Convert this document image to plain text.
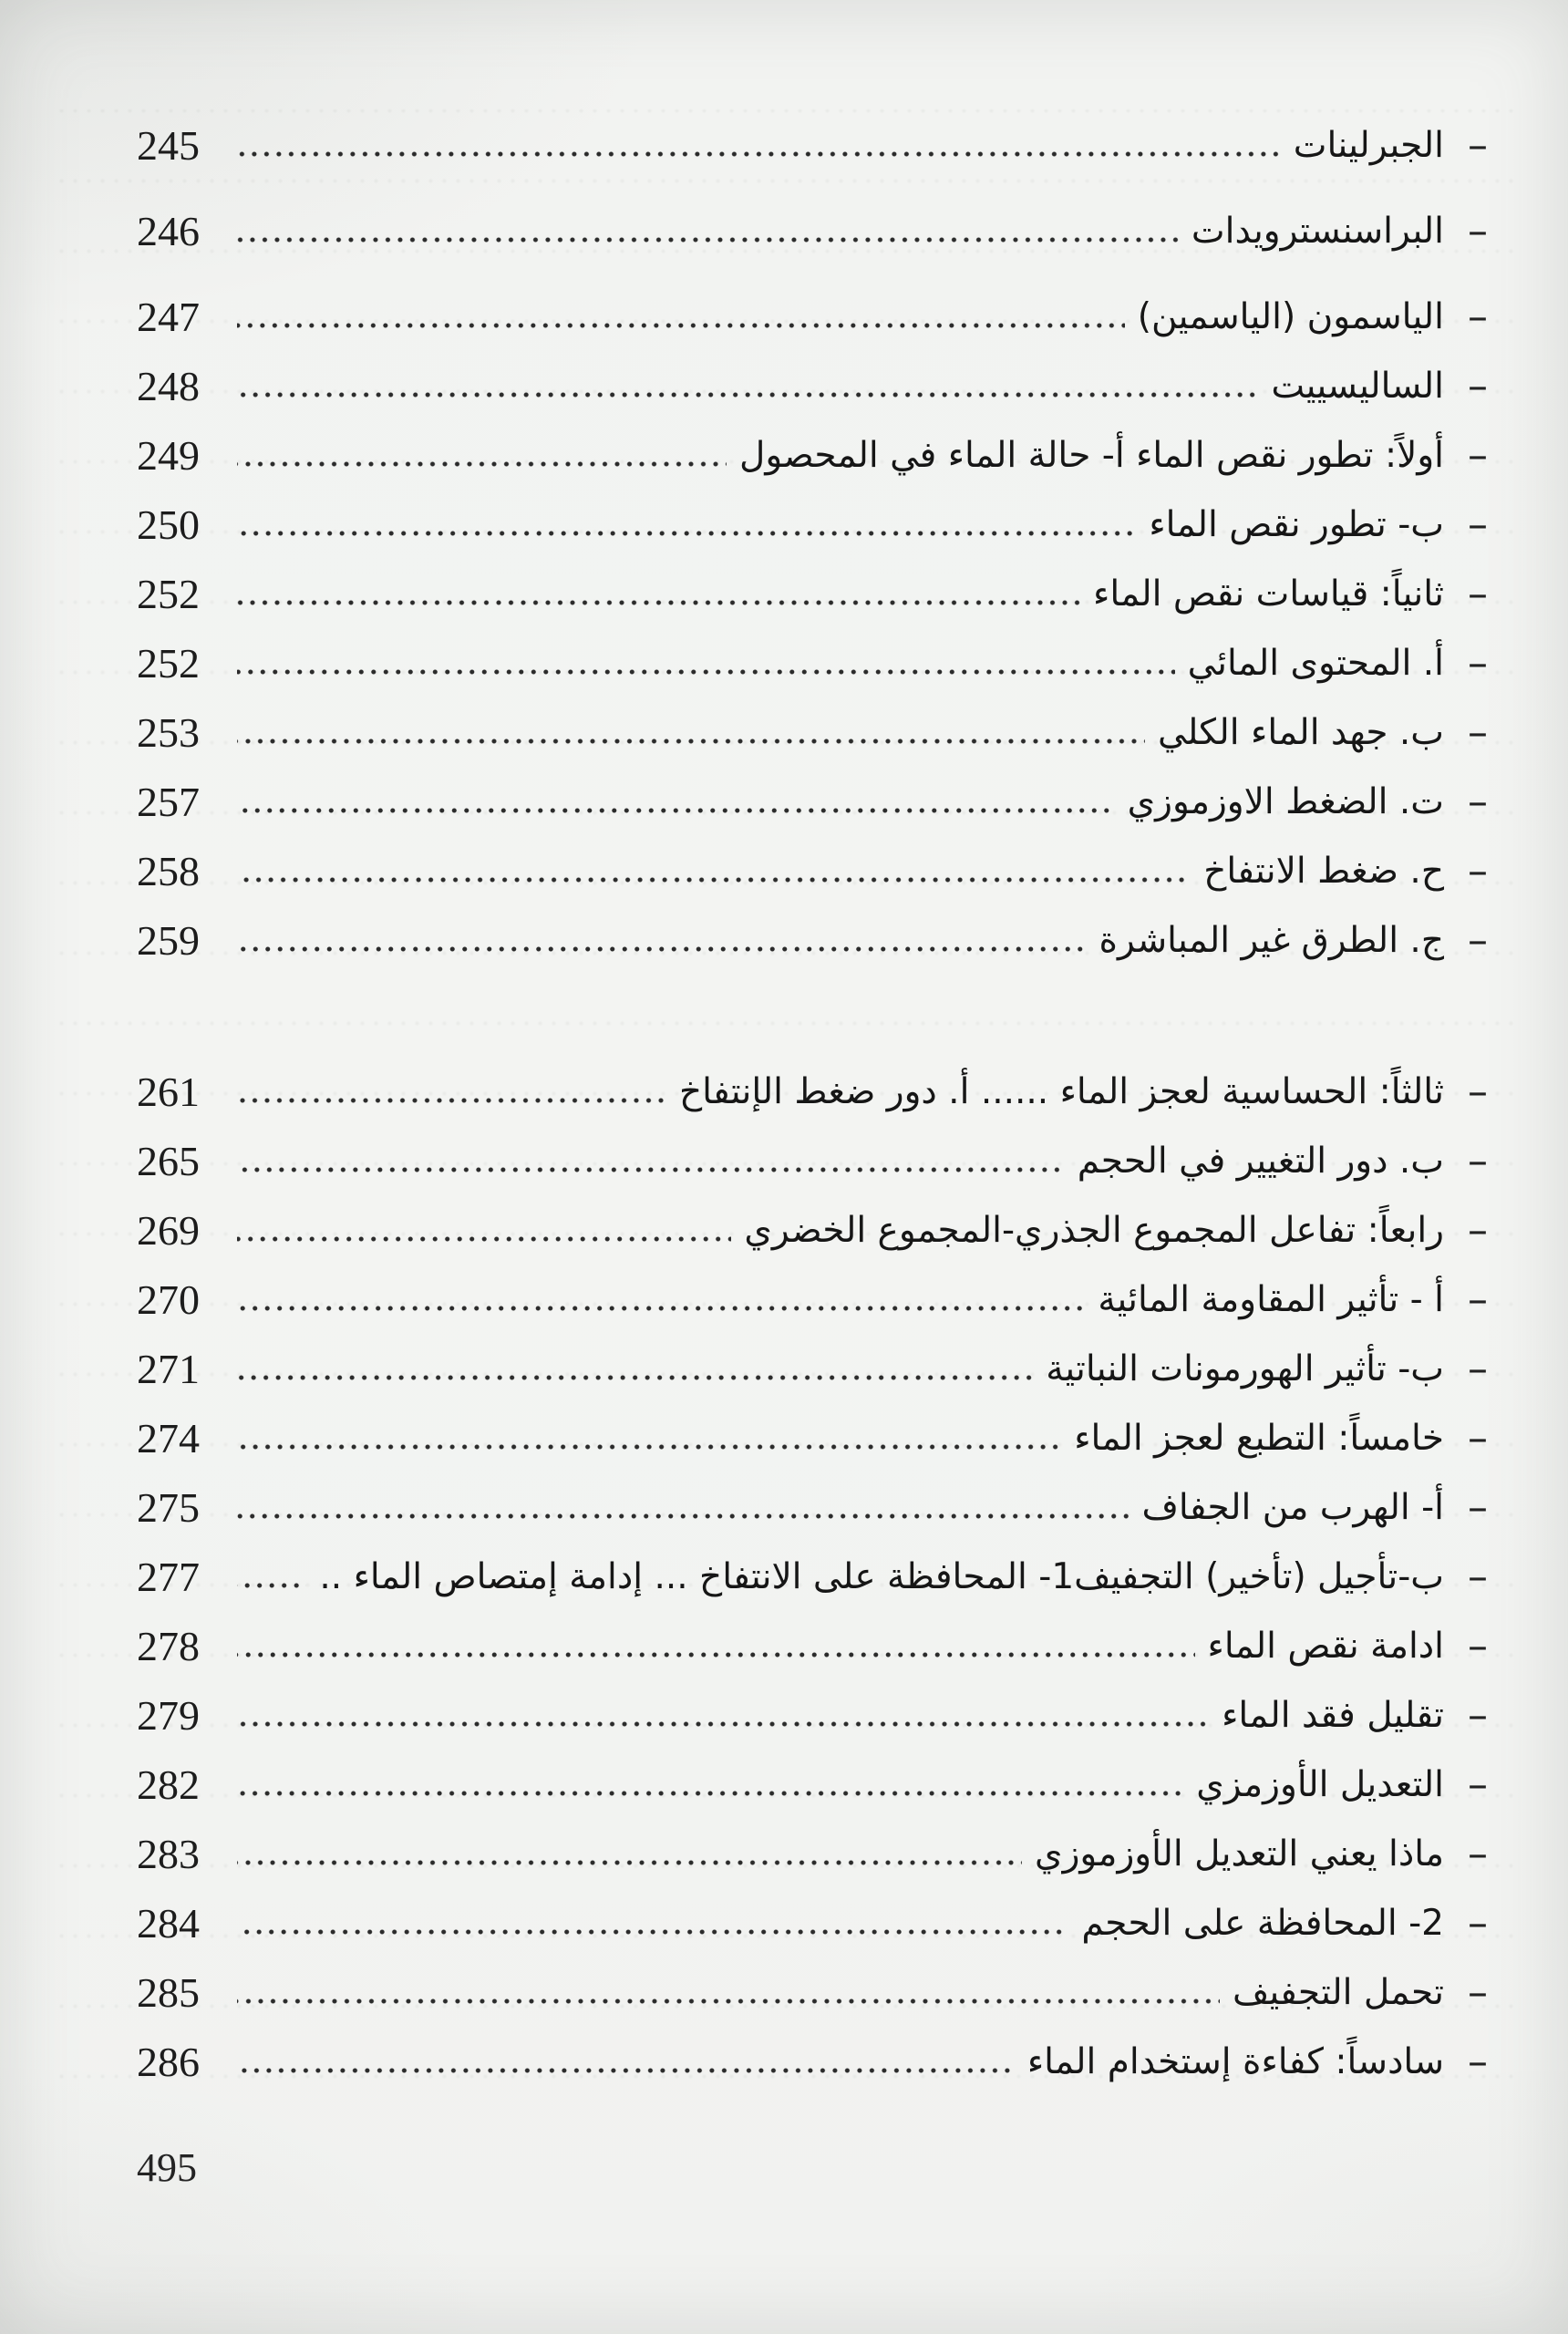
–
الجبرلينات
245
–
البراسنسترويدات
246
–
الياسمون (الياسمين)
247
–
الساليسييت
248
–
أولاً: تطور نقص الماء أ- حالة الماء في المحصول
249
–
ب- تطور نقص الماء
250
–
ثانياً: قياسات نقص الماء
252
–
أ. المحتوى المائي
252
–
ب. جهد الماء الكلي
253
–
ت. الضغط الاوزموزي
257
–
ح. ضغط الانتفاخ
258
–
ج. الطرق غير المباشرة
259
–
ثالثاً: الحساسية لعجز الماء ...... أ. دور ضغط الإنتفاخ
261
–
ب. دور التغيير في الحجم
265
–
رابعاً: تفاعل المجموع الجذري-المجموع الخضري
269
–
أ - تأثير المقاومة المائية
270
–
ب- تأثير الهورمونات النباتية
271
–
خامساً: التطبع لعجز الماء
274
–
أ- الهرب من الجفاف
275
–
ب-تأجيل (تأخير) التجفيف1- المحافظة على الانتفاخ ... إدامة إمتصاص الماء ..
277
–
ادامة نقص الماء
278
–
تقليل فقد الماء
279
–
التعديل الأوزمزي
282
–
ماذا يعني التعديل الأوزموزي
283
–
2- المحافظة على الحجم
284
–
تحمل التجفيف
285
–
سادساً: كفاءة إستخدام الماء
286
495
